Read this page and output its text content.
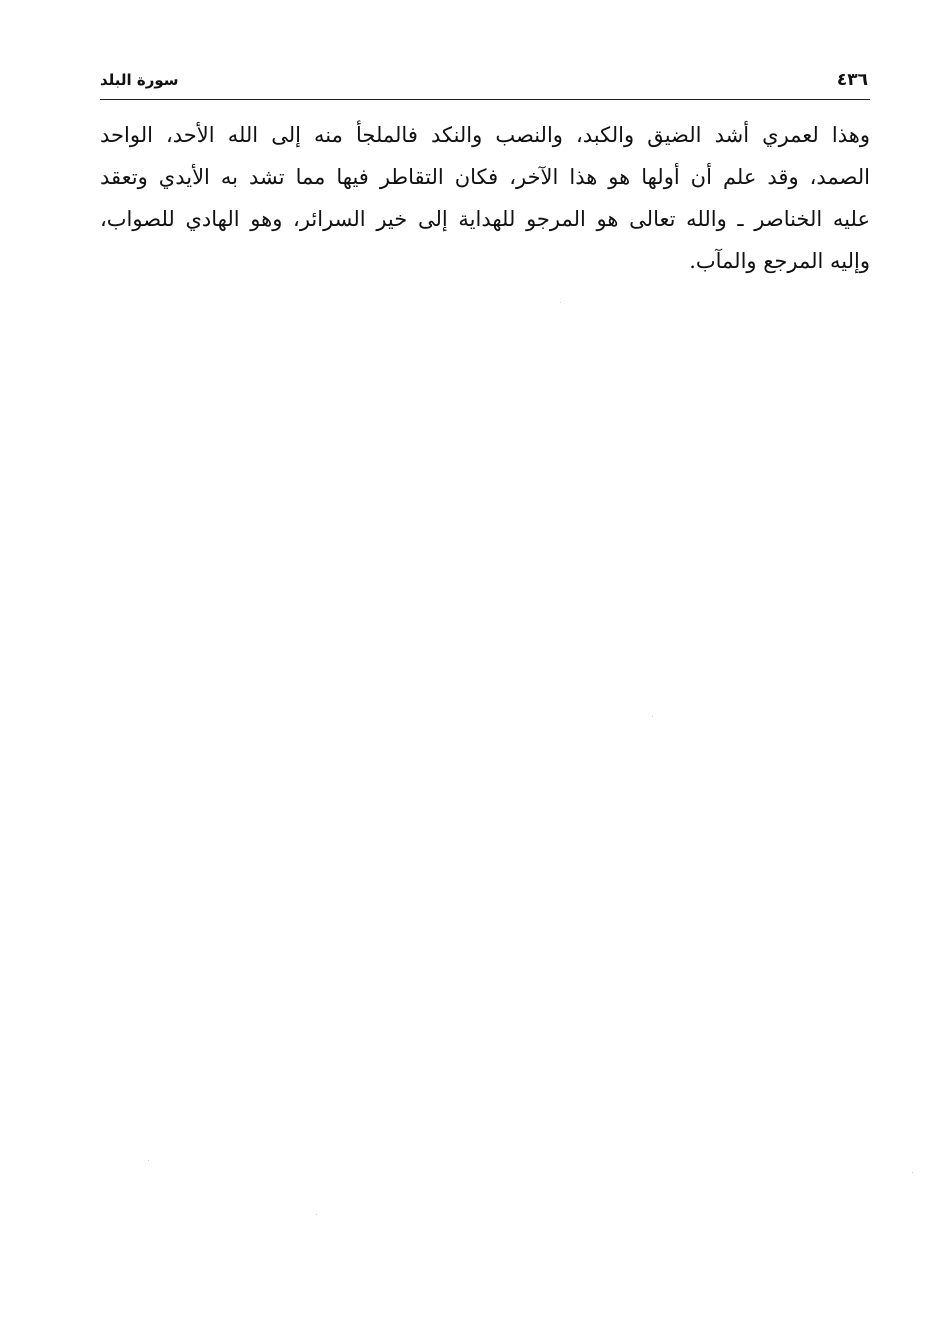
٤٣٦
سورة البلد
وهذا لعمري أشد الضيق والكبد، والنصب والنكد فالملجأ منه إلى الله الأحد، الواحد
الصمد، وقد علم أن أولها هو هذا الآخر، فكان التقاطر فيها مما تشد به الأيدي وتعقد
عليه الخناصر ـ والله تعالى هو المرجو للهداية إلى خير السرائر، وهو الهادي للصواب،
وإليه المرجع والمآب.
